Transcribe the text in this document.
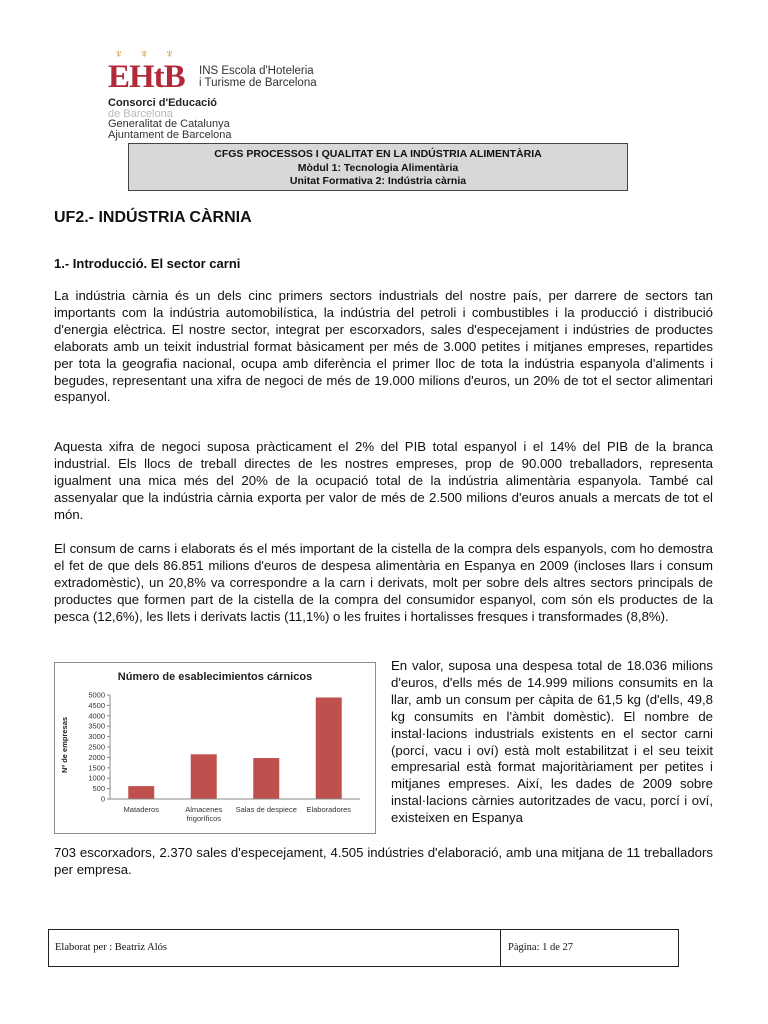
♆ ♆ ♆
EHtB INS Escola d'Hoteleria
i Turisme de Barcelona
Consorci d'Educació
de Barcelona
Generalitat de Catalunya
Ajuntament de Barcelona
CFGS PROCESSOS I QUALITAT EN LA INDÚSTRIA ALIMENTÀRIA
Mòdul 1: Tecnologia Alimentària
Unitat Formativa 2: Indústria càrnia
UF2.- INDÚSTRIA CÀRNIA
1.- Introducció. El sector carni

La indústria càrnia és un dels cinc primers sectors industrials del nostre país, per darrere de sectors tan importants com la indústria automobilística, la indústria del petroli i combustibles i la producció i distribució d'energia elèctrica. El nostre sector, integrat per escorxadors, sales d'especejament i indústries de productes elaborats amb un teixit industrial format bàsicament per més de 3.000 petites i mitjanes empreses, repartides per tota la geografia nacional, ocupa amb diferència el primer lloc de tota la indústria espanyola d'aliments i begudes, representant una xifra de negoci de més de 19.000 milions d'euros, un 20% de tot el sector alimentari espanyol.

Aquesta xifra de negoci suposa pràcticament el 2% del PIB total espanyol i el 14% del PIB de la branca industrial. Els llocs de treball directes de les nostres empreses, prop de 90.000 treballadors, representa igualment una mica més del 20% de la ocupació total de la indústria alimentària espanyola. També cal assenyalar que la indústria càrnia exporta per valor de més de 2.500 milions d'euros anuals a mercats de tot el món.

El consum de carns i elaborats és el més important de la cistella de la compra dels espanyols, com ho demostra el fet de que dels 86.851 milions d'euros de despesa alimentària en Espanya en 2009 (incloses llars i consum extradomèstic), un 20,8% va correspondre a la carn i derivats, molt per sobre dels altres sectors principals de productes que formen part de la cistella de la compra del consumidor espanyol, com són els productes de la pesca (12,6%), les llets i derivats lactis (11,1%) o les fruites i hortalisses fresques i transformades (8,8%).

Número de esablecimientos cárnicos
Nº de empresas
0
500
1000
1500
2000
2500
3000
3500
4000
4500
5000
Mataderos	Almacenes
frigoríficos
Salas de despiece Elaboradores

En valor, suposa una despesa total de 18.036 milions d'euros, d'ells més de 14.999 milions consumits en la llar, amb un consum per càpita de 61,5 kg (d'ells, 49,8 kg consumits en l'àmbit domèstic). El nombre de instal·lacions industrials existents en el sector carni (porcí, vacu i oví) està molt estabilitzat i el seu teixit empresarial està format majoritàriament per petites i mitjanes empreses. Així, les dades de 2009 sobre instal·lacions càrnies autoritzades de vacu, porcí i oví, existeixen en Espanya

703 escorxadors, 2.370 sales d'especejament, 4.505 indústries d'elaboració, amb una mitjana de 11 treballadors per empresa.

Elaborat per : Beatriz Alós	Pàgina: 1 de 27
